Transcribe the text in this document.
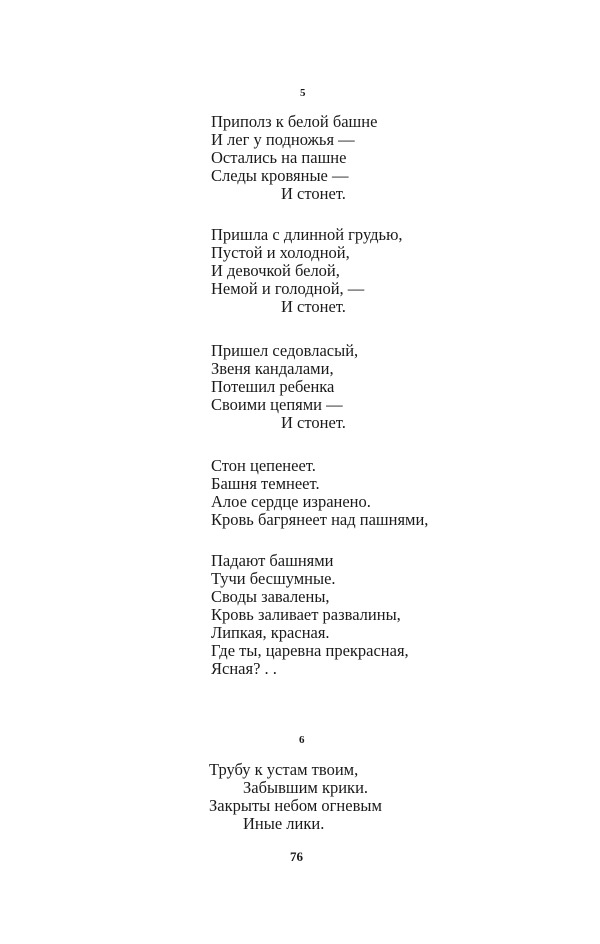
5
Приполз к белой башне
И лег у подножья —
Остались на пашне
Следы кровяные —
И стонет.
Пришла с длинной грудью,
Пустой и холодной,
И девочкой белой,
Немой и голодной, —
И стонет.
Пришел седовласый,
Звеня кандалами,
Потешил ребенка
Своими цепями —
И стонет.
Стон цепенеет.
Башня темнеет.
Алое сердце изранено.
Кровь багрянеет над пашнями,
Падают башнями
Тучи бесшумные.
Своды завалены,
Кровь заливает развалины,
Липкая, красная.
Где ты, царевна прекрасная,
Ясная? . .
6
Трубу к устам твоим,
Забывшим крики.
Закрыты небом огневым
Иные лики.
76
